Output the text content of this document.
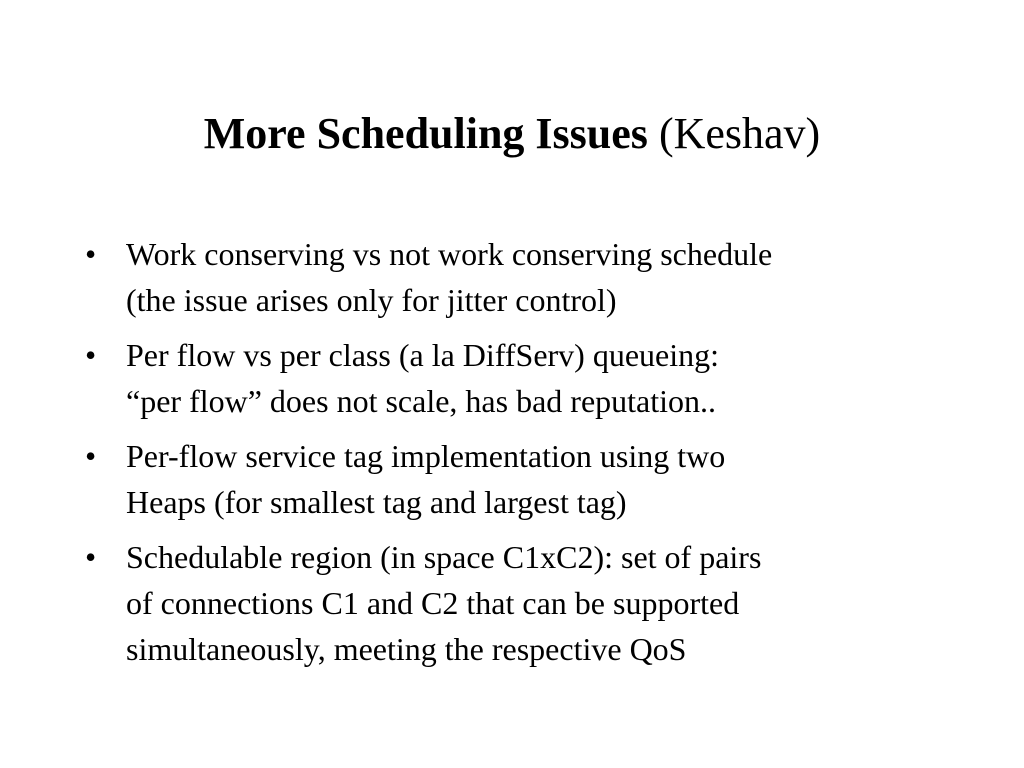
More Scheduling Issues (Keshav)
• Work conserving vs not work conserving schedule
(the issue arises only for jitter control)
• Per flow vs per class (a la DiffServ) queueing:
“per flow” does not scale, has bad reputation..
• Per-flow service tag implementation using two
Heaps (for smallest tag and largest tag)
• Schedulable region (in space C1xC2): set of pairs
of connections C1 and C2 that can be supported
simultaneously, meeting the respective QoS
